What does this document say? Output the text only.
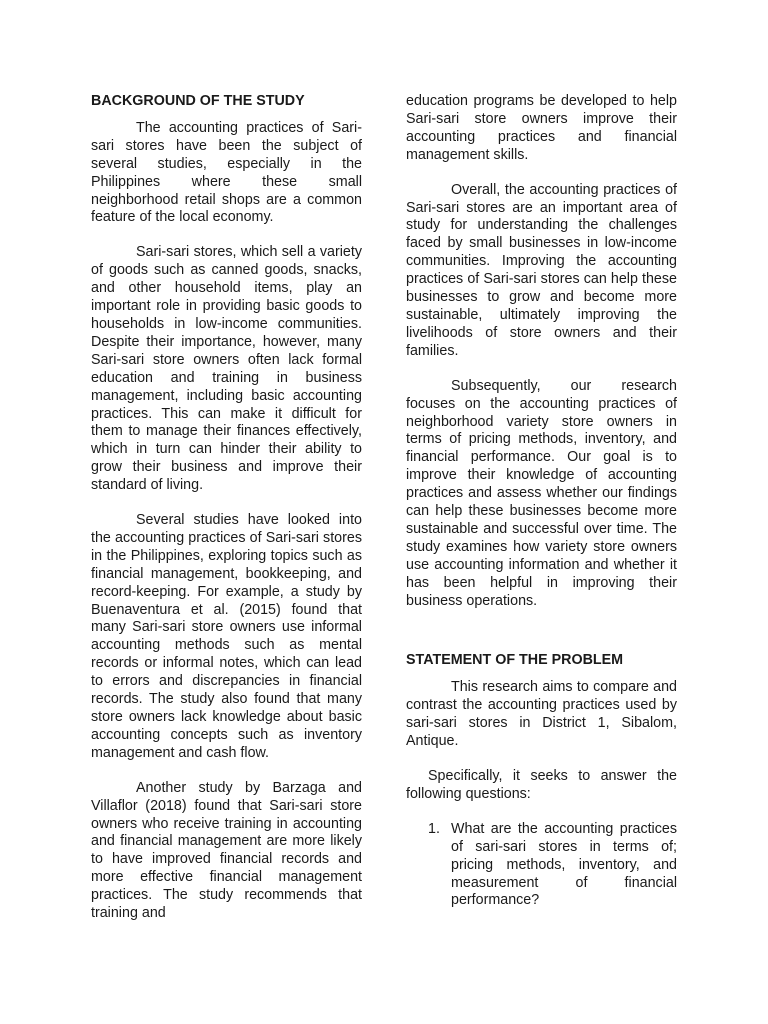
BACKGROUND OF THE STUDY

The accounting practices of Sari-sari stores have been the subject of several studies, especially in the Philippines where these small neighborhood retail shops are a common feature of the local economy.

Sari-sari stores, which sell a variety of goods such as canned goods, snacks, and other household items, play an important role in providing basic goods to households in low-income communities. Despite their importance, however, many Sari-sari store owners often lack formal education and training in business management, including basic accounting practices. This can make it difficult for them to manage their finances effectively, which in turn can hinder their ability to grow their business and improve their standard of living.

Several studies have looked into the accounting practices of Sari-sari stores in the Philippines, exploring topics such as financial management, bookkeeping, and record-keeping. For example, a study by Buenaventura et al. (2015) found that many Sari-sari store owners use informal accounting methods such as mental records or informal notes, which can lead to errors and discrepancies in financial records. The study also found that many store owners lack knowledge about basic accounting concepts such as inventory management and cash flow.

Another study by Barzaga and Villaflor (2018) found that Sari-sari store owners who receive training in accounting and financial management are more likely to have improved financial records and more effective financial management practices. The study recommends that training and

education programs be developed to help Sari-sari store owners improve their accounting practices and financial management skills.

Overall, the accounting practices of Sari-sari stores are an important area of study for understanding the challenges faced by small businesses in low-income communities. Improving the accounting practices of Sari-sari stores can help these businesses to grow and become more sustainable, ultimately improving the livelihoods of store owners and their families.

Subsequently, our research focuses on the accounting practices of neighborhood variety store owners in terms of pricing methods, inventory, and financial performance. Our goal is to improve their knowledge of accounting practices and assess whether our findings can help these businesses become more sustainable and successful over time. The study examines how variety store owners use accounting information and whether it has been helpful in improving their business operations.

STATEMENT OF THE PROBLEM

This research aims to compare and contrast the accounting practices used by sari-sari stores in District 1, Sibalom, Antique.

Specifically, it seeks to answer the following questions:

1. What are the accounting practices of sari-sari stores in terms of; pricing methods, inventory, and measurement of financial performance?
